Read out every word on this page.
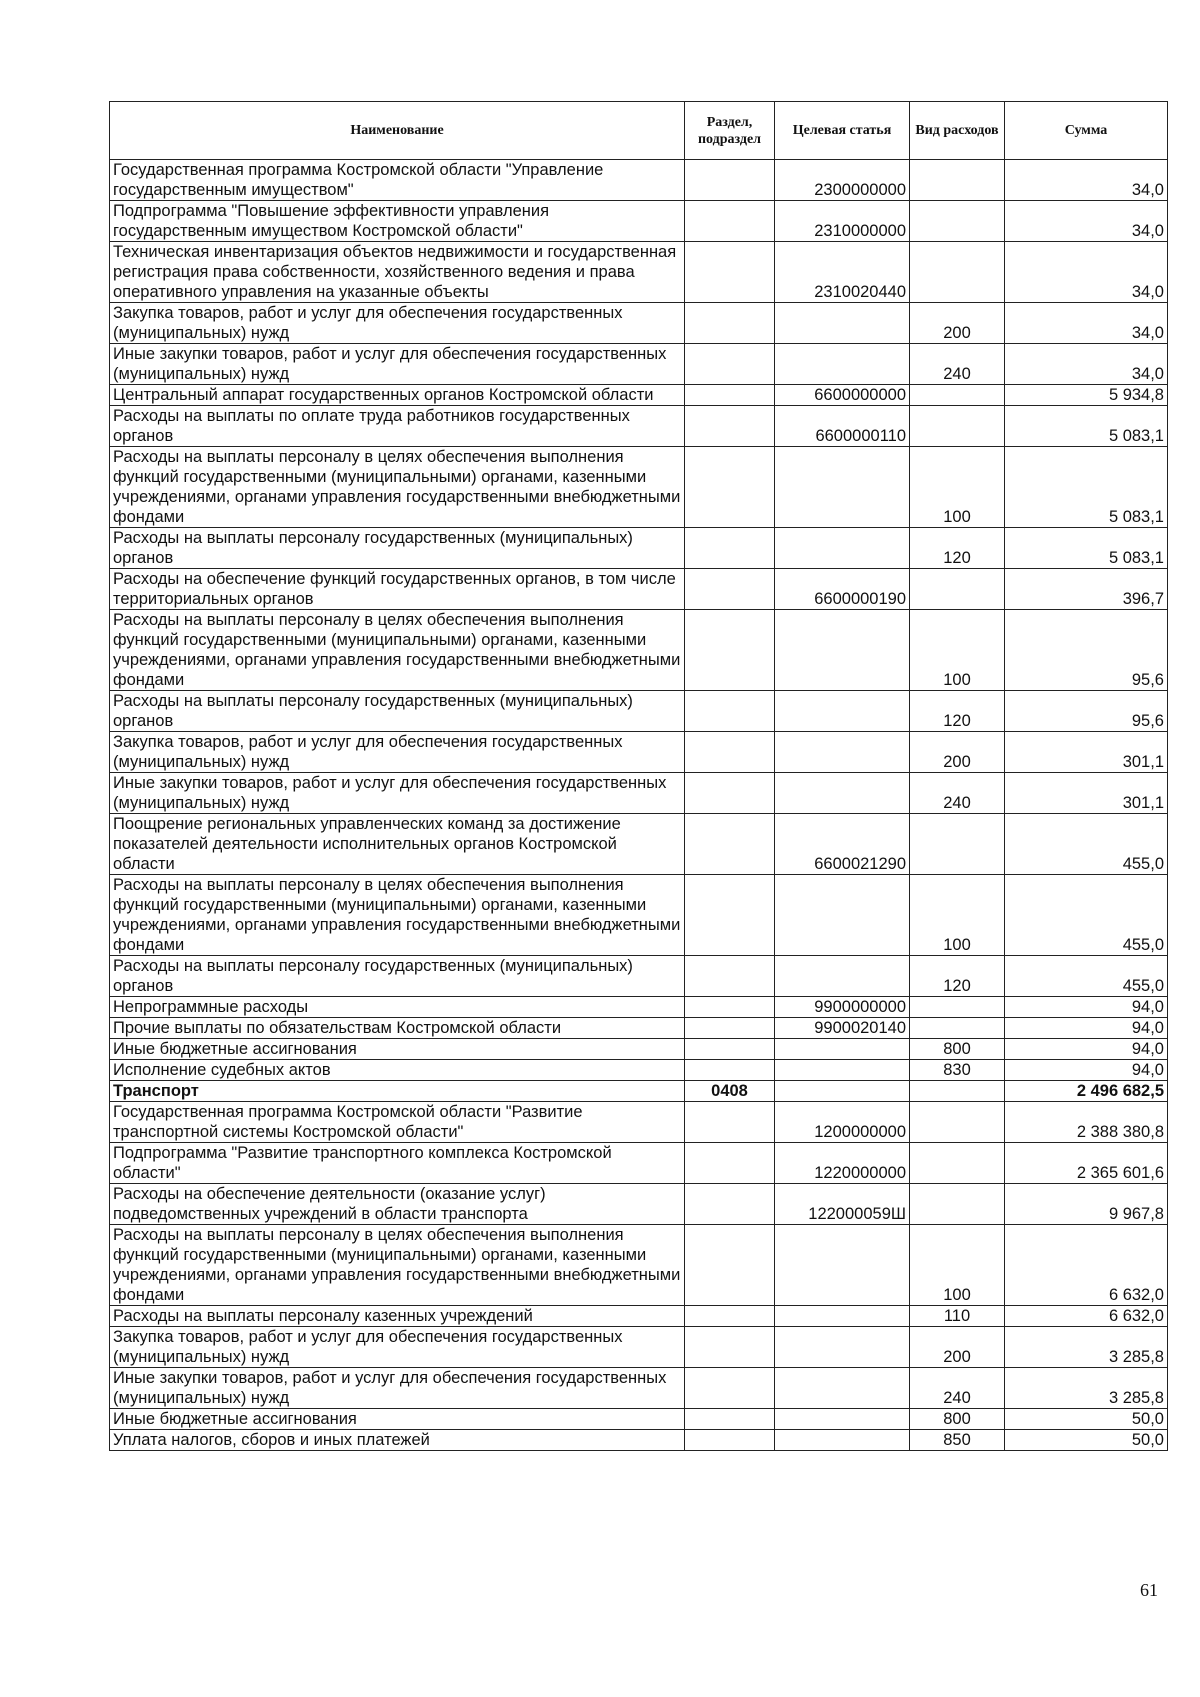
Наименование	Раздел, подраздел	Целевая статья	Вид расходов	Сумма
Государственная программа Костромской области "Управление государственным имуществом"		2300000000		34,0
Подпрограмма "Повышение эффективности управления государственным имуществом Костромской области"		2310000000		34,0
Техническая инвентаризация объектов недвижимости и государственная регистрация права собственности, хозяйственного ведения и права оперативного управления на указанные объекты		2310020440		34,0
Закупка товаров, работ и услуг для обеспечения государственных (муниципальных) нужд			200	34,0
Иные закупки товаров, работ и услуг для обеспечения государственных (муниципальных) нужд			240	34,0
Центральный аппарат государственных органов Костромской области		6600000000		5 934,8
Расходы на выплаты по оплате труда работников государственных органов		6600000110		5 083,1
Расходы на выплаты персоналу в целях обеспечения выполнения функций государственными (муниципальными) органами, казенными учреждениями, органами управления государственными внебюджетными фондами			100	5 083,1
Расходы на выплаты персоналу государственных (муниципальных) органов			120	5 083,1
Расходы на обеспечение функций государственных органов, в том числе территориальных органов		6600000190		396,7
Расходы на выплаты персоналу в целях обеспечения выполнения функций государственными (муниципальными) органами, казенными учреждениями, органами управления государственными внебюджетными фондами			100	95,6
Расходы на выплаты персоналу государственных (муниципальных) органов			120	95,6
Закупка товаров, работ и услуг для обеспечения государственных (муниципальных) нужд			200	301,1
Иные закупки товаров, работ и услуг для обеспечения государственных (муниципальных) нужд			240	301,1
Поощрение региональных управленческих команд за достижение показателей деятельности исполнительных органов Костромской области		6600021290		455,0
Расходы на выплаты персоналу в целях обеспечения выполнения функций государственными (муниципальными) органами, казенными учреждениями, органами управления государственными внебюджетными фондами			100	455,0
Расходы на выплаты персоналу государственных (муниципальных) органов			120	455,0
Непрограммные расходы		9900000000		94,0
Прочие выплаты по обязательствам Костромской области		9900020140		94,0
Иные бюджетные ассигнования			800	94,0
Исполнение судебных актов			830	94,0
Транспорт	0408			2 496 682,5
Государственная программа Костромской области "Развитие транспортной системы Костромской области"		1200000000		2 388 380,8
Подпрограмма "Развитие транспортного комплекса Костромской области"		1220000000		2 365 601,6
Расходы на обеспечение деятельности (оказание услуг) подведомственных учреждений в области транспорта		122000059Ш		9 967,8
Расходы на выплаты персоналу в целях обеспечения выполнения функций государственными (муниципальными) органами, казенными учреждениями, органами управления государственными внебюджетными фондами			100	6 632,0
Расходы на выплаты персоналу казенных учреждений			110	6 632,0
Закупка товаров, работ и услуг для обеспечения государственных (муниципальных) нужд			200	3 285,8
Иные закупки товаров, работ и услуг для обеспечения государственных (муниципальных) нужд			240	3 285,8
Иные бюджетные ассигнования			800	50,0
Уплата налогов, сборов и иных платежей			850	50,0
61
